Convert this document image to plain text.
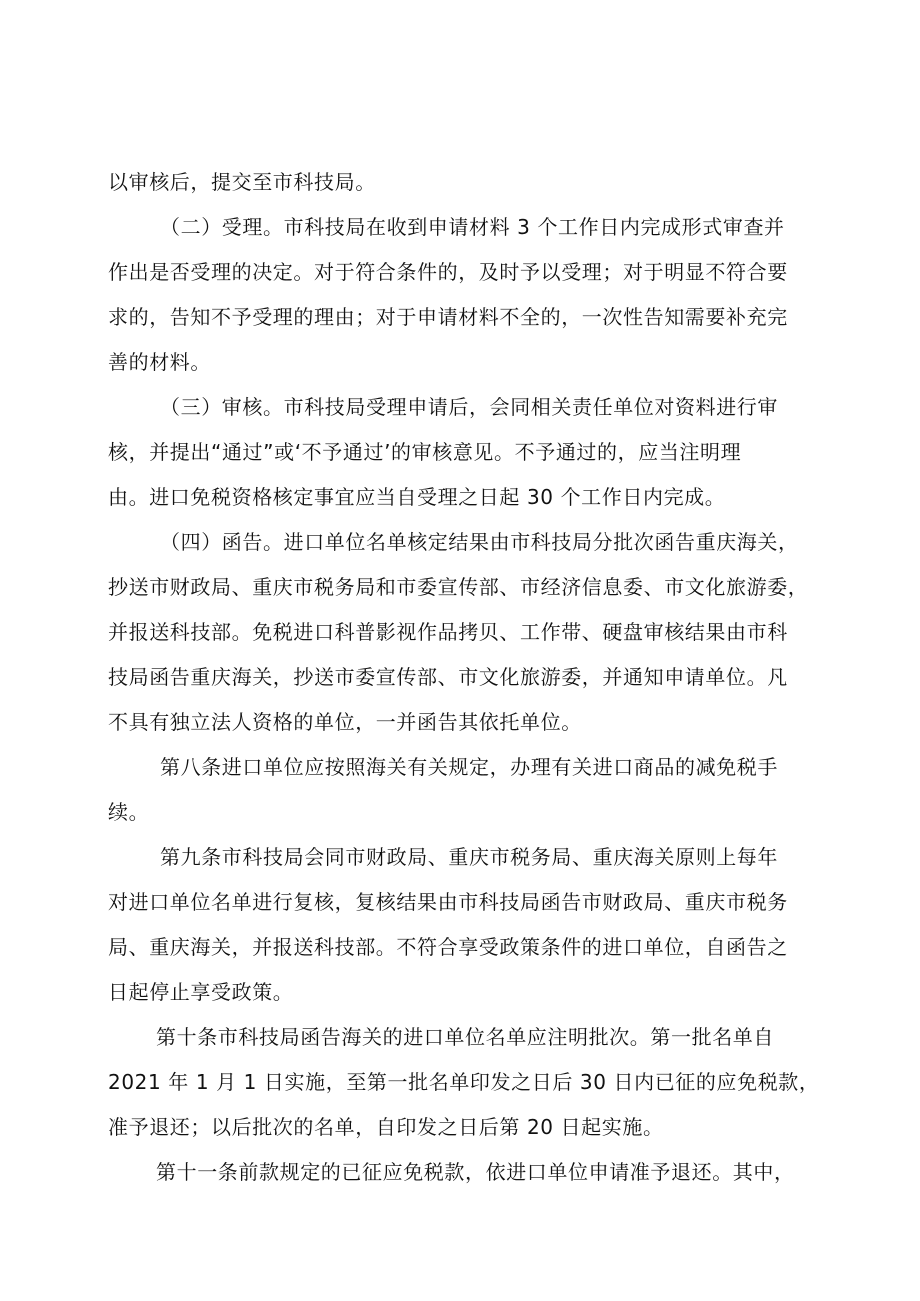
以审核后，提交至市科技局。
（二）受理。市科技局在收到申请材料 3 个工作日内完成形式审查并
作出是否受理的决定。对于符合条件的，及时予以受理；对于明显不符合要
求的，告知不予受理的理由；对于申请材料不全的，一次性告知需要补充完
善的材料。
（三）审核。市科技局受理申请后，会同相关责任单位对资料进行审
核，并提出“通过”或‘不予通过’的审核意见。不予通过的，应当注明理
由。进口免税资格核定事宜应当自受理之日起 30 个工作日内完成。
（四）函告。进口单位名单核定结果由市科技局分批次函告重庆海关，
抄送市财政局、重庆市税务局和市委宣传部、市经济信息委、市文化旅游委，
并报送科技部。免税进口科普影视作品拷贝、工作带、硬盘审核结果由市科
技局函告重庆海关，抄送市委宣传部、市文化旅游委，并通知申请单位。凡
不具有独立法人资格的单位，一并函告其依托单位。
第八条进口单位应按照海关有关规定，办理有关进口商品的减免税手
续。
第九条市科技局会同市财政局、重庆市税务局、重庆海关原则上每年
对进口单位名单进行复核，复核结果由市科技局函告市财政局、重庆市税务
局、重庆海关，并报送科技部。不符合享受政策条件的进口单位，自函告之
日起停止享受政策。
第十条市科技局函告海关的进口单位名单应注明批次。第一批名单自
2021 年 1 月 1 日实施，至第一批名单印发之日后 30 日内已征的应免税款，
准予退还；以后批次的名单，自印发之日后第 20 日起实施。
第十一条前款规定的已征应免税款，依进口单位申请准予退还。其中，
